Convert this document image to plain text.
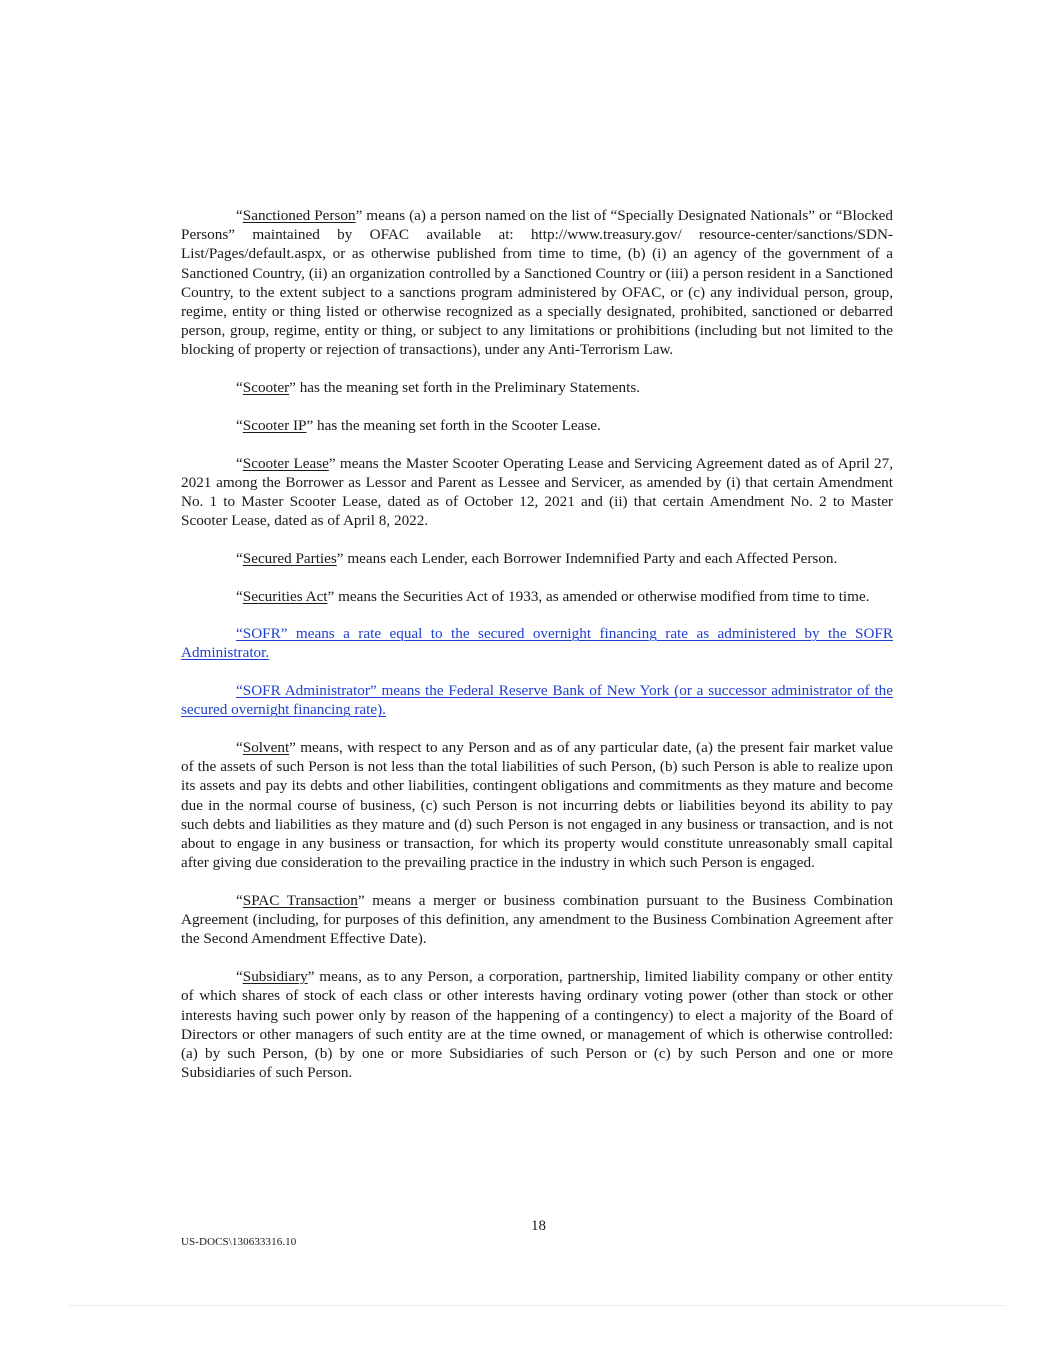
“Sanctioned Person” means (a) a person named on the list of “Specially Designated Nationals” or “Blocked Persons” maintained by OFAC available at: http://www.treasury.gov/ resource-center/sanctions/SDN-List/Pages/default.aspx, or as otherwise published from time to time, (b) (i) an agency of the government of a Sanctioned Country, (ii) an organization controlled by a Sanctioned Country or (iii) a person resident in a Sanctioned Country, to the extent subject to a sanctions program administered by OFAC, or (c) any individual person, group, regime, entity or thing listed or otherwise recognized as a specially designated, prohibited, sanctioned or debarred person, group, regime, entity or thing, or subject to any limitations or prohibitions (including but not limited to the blocking of property or rejection of transactions), under any Anti-Terrorism Law.

“Scooter” has the meaning set forth in the Preliminary Statements.

“Scooter IP” has the meaning set forth in the Scooter Lease.

“Scooter Lease” means the Master Scooter Operating Lease and Servicing Agreement dated as of April 27, 2021 among the Borrower as Lessor and Parent as Lessee and Servicer, as amended by (i) that certain Amendment No. 1 to Master Scooter Lease, dated as of October 12, 2021 and (ii) that certain Amendment No. 2 to Master Scooter Lease, dated as of April 8, 2022.

“Secured Parties” means each Lender, each Borrower Indemnified Party and each Affected Person.

“Securities Act” means the Securities Act of 1933, as amended or otherwise modified from time to time.

“SOFR” means a rate equal to the secured overnight financing rate as administered by the SOFR Administrator.

“SOFR Administrator” means the Federal Reserve Bank of New York (or a successor administrator of the secured overnight financing rate).

“Solvent” means, with respect to any Person and as of any particular date, (a) the present fair market value of the assets of such Person is not less than the total liabilities of such Person, (b) such Person is able to realize upon its assets and pay its debts and other liabilities, contingent obligations and commitments as they mature and become due in the normal course of business, (c) such Person is not incurring debts or liabilities beyond its ability to pay such debts and liabilities as they mature and (d) such Person is not engaged in any business or transaction, and is not about to engage in any business or transaction, for which its property would constitute unreasonably small capital after giving due consideration to the prevailing practice in the industry in which such Person is engaged.

“SPAC Transaction” means a merger or business combination pursuant to the Business Combination Agreement (including, for purposes of this definition, any amendment to the Business Combination Agreement after the Second Amendment Effective Date).

“Subsidiary” means, as to any Person, a corporation, partnership, limited liability company or other entity of which shares of stock of each class or other interests having ordinary voting power (other than stock or other interests having such power only by reason of the happening of a contingency) to elect a majority of the Board of Directors or other managers of such entity are at the time owned, or management of which is otherwise controlled: (a) by such Person, (b) by one or more Subsidiaries of such Person or (c) by such Person and one or more Subsidiaries of such Person.

18
US-DOCS\130633316.10
